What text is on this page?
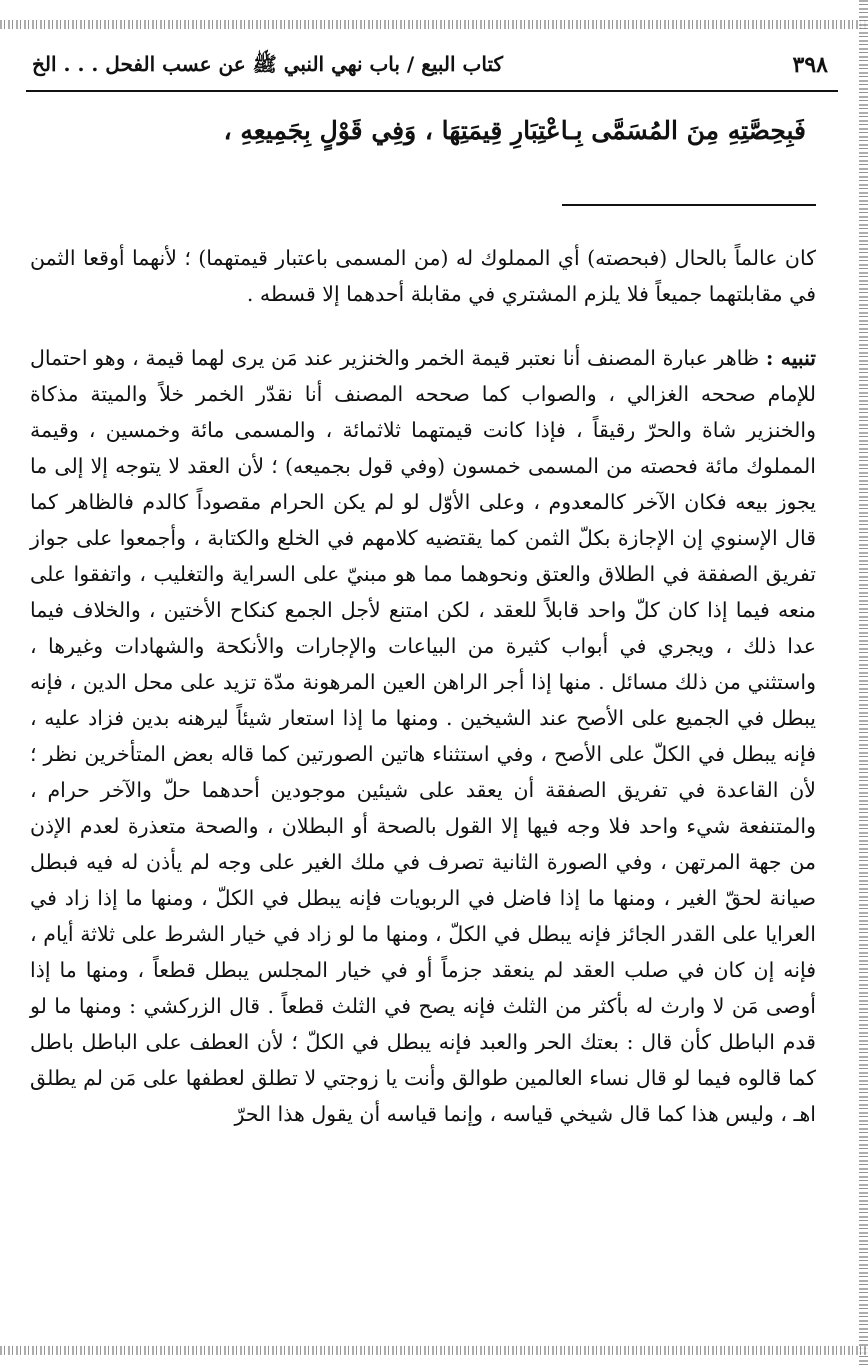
٣٩٨
كتاب البيع / باب نهي النبي ﷺ عن عسب الفحل . . . الخ
فَبِحِصَّتِهِ مِنَ المُسَمَّى بِـاعْتِبَارِ قِيمَتِهَا ، وَفِي قَوْلٍ بِجَمِيعِهِ ،

كان عالماً بالحال (فبحصته) أي المملوك له (من المسمى باعتبار قيمتهما) ؛ لأنهما أوقعا الثمن في مقابلتهما جميعاً فلا يلزم المشتري في مقابلة أحدهما إلا قسطه .

تنبيه : ظاهر عبارة المصنف أنا نعتبر قيمة الخمر والخنزير عند مَن يرى لهما قيمة ، وهو احتمال للإمام صححه الغزالي ، والصواب كما صححه المصنف أنا نقدّر الخمر خلاً والميتة مذكاة والخنزير شاة والحرّ رقيقاً ، فإذا كانت قيمتهما ثلاثمائة ، والمسمى مائة وخمسين ، وقيمة المملوك مائة فحصته من المسمى خمسون (وفي قول بجميعه) ؛ لأن العقد لا يتوجه إلا إلى ما يجوز بيعه فكان الآخر كالمعدوم ، وعلى الأوّل لو لم يكن الحرام مقصوداً كالدم فالظاهر كما قال الإسنوي إن الإجازة بكلّ الثمن كما يقتضيه كلامهم في الخلع والكتابة ، وأجمعوا على جواز تفريق الصفقة في الطلاق والعتق ونحوهما مما هو مبنيّ على السراية والتغليب ، واتفقوا على منعه فيما إذا كان كلّ واحد قابلاً للعقد ، لكن امتنع لأجل الجمع كنكاح الأختين ، والخلاف فيما عدا ذلك ، ويجري في أبواب كثيرة من البياعات والإجارات والأنكحة والشهادات وغيرها ، واستثني من ذلك مسائل . منها إذا أجر الراهن العين المرهونة مدّة تزيد على محل الدين ، فإنه يبطل في الجميع على الأصح عند الشيخين . ومنها ما إذا استعار شيئاً ليرهنه بدين فزاد عليه ، فإنه يبطل في الكلّ على الأصح ، وفي استثناء هاتين الصورتين كما قاله بعض المتأخرين نظر ؛ لأن القاعدة في تفريق الصفقة أن يعقد على شيئين موجودين أحدهما حلّ والآخر حرام ، والمتنفعة شيء واحد فلا وجه فيها إلا القول بالصحة أو البطلان ، والصحة متعذرة لعدم الإذن من جهة المرتهن ، وفي الصورة الثانية تصرف في ملك الغير على وجه لم يأذن له فيه فبطل صيانة لحقّ الغير ، ومنها ما إذا فاضل في الربويات فإنه يبطل في الكلّ ، ومنها ما إذا زاد في العرايا على القدر الجائز فإنه يبطل في الكلّ ، ومنها ما لو زاد في خيار الشرط على ثلاثة أيام ، فإنه إن كان في صلب العقد لم ينعقد جزماً أو في خيار المجلس يبطل قطعاً ، ومنها ما إذا أوصى مَن لا وارث له بأكثر من الثلث فإنه يصح في الثلث قطعاً . قال الزركشي : ومنها ما لو قدم الباطل كأن قال : بعتك الحر والعبد فإنه يبطل في الكلّ ؛ لأن العطف على الباطل باطل كما قالوه فيما لو قال نساء العالمين طوالق وأنت يا زوجتي لا تطلق لعطفها على مَن لم يطلق اهـ ، وليس هذا كما قال شيخي قياسه ، وإنما قياسه أن يقول هذا الحرّ
